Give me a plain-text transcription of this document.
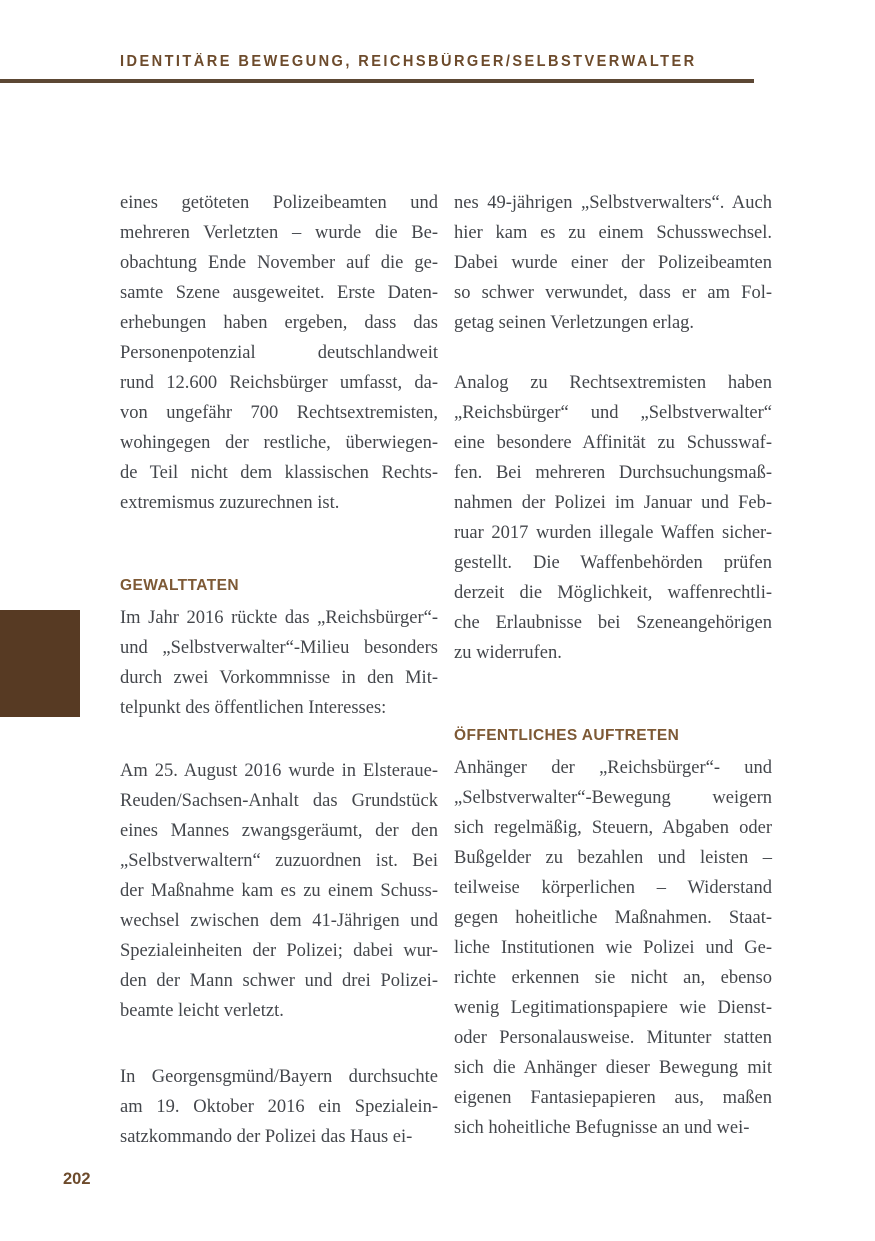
IDENTITÄRE BEWEGUNG, REICHSBÜRGER/SELBSTVERWALTER
eines getöteten Polizeibeamten und
mehreren Verletzten – wurde die Be-
obachtung Ende November auf die ge-
samte Szene ausgeweitet. Erste Daten-
erhebungen haben ergeben, dass das
Personenpotenzial deutschlandweit
rund 12.600 Reichsbürger umfasst, da-
von ungefähr 700 Rechtsextremisten,
wohingegen der restliche, überwiegen-
de Teil nicht dem klassischen Rechts-
extremismus zuzurechnen ist.
GEWALTTATEN
Im Jahr 2016 rückte das „Reichsbürger“-
und „Selbstverwalter“-Milieu besonders
durch zwei Vorkommnisse in den Mit-
telpunkt des öffentlichen Interesses:
Am 25. August 2016 wurde in Elsteraue-
Reuden/Sachsen-Anhalt das Grundstück
eines Mannes zwangsgeräumt, der den
„Selbstverwaltern“ zuzuordnen ist. Bei
der Maßnahme kam es zu einem Schuss-
wechsel zwischen dem 41-Jährigen und
Spezialeinheiten der Polizei; dabei wur-
den der Mann schwer und drei Polizei-
beamte leicht verletzt.
In Georgensgmünd/Bayern durchsuchte
am 19. Oktober 2016 ein Spezialein-
satzkommando der Polizei das Haus ei-
nes 49-jährigen „Selbstverwalters“. Auch
hier kam es zu einem Schusswechsel.
Dabei wurde einer der Polizeibeamten
so schwer verwundet, dass er am Fol-
getag seinen Verletzungen erlag.
Analog zu Rechtsextremisten haben
„Reichsbürger“ und „Selbstverwalter“
eine besondere Affinität zu Schusswaf-
fen. Bei mehreren Durchsuchungsmaß-
nahmen der Polizei im Januar und Feb-
ruar 2017 wurden illegale Waffen sicher-
gestellt. Die Waffenbehörden prüfen
derzeit die Möglichkeit, waffenrechtli-
che Erlaubnisse bei Szeneangehörigen
zu widerrufen.
ÖFFENTLICHES AUFTRETEN
Anhänger der „Reichsbürger“- und
„Selbstverwalter“-Bewegung weigern
sich regelmäßig, Steuern, Abgaben oder
Bußgelder zu bezahlen und leisten –
teilweise körperlichen – Widerstand
gegen hoheitliche Maßnahmen. Staat-
liche Institutionen wie Polizei und Ge-
richte erkennen sie nicht an, ebenso
wenig Legitimationspapiere wie Dienst-
oder Personalausweise. Mitunter statten
sich die Anhänger dieser Bewegung mit
eigenen Fantasiepapieren aus, maßen
sich hoheitliche Befugnisse an und wei-
202
